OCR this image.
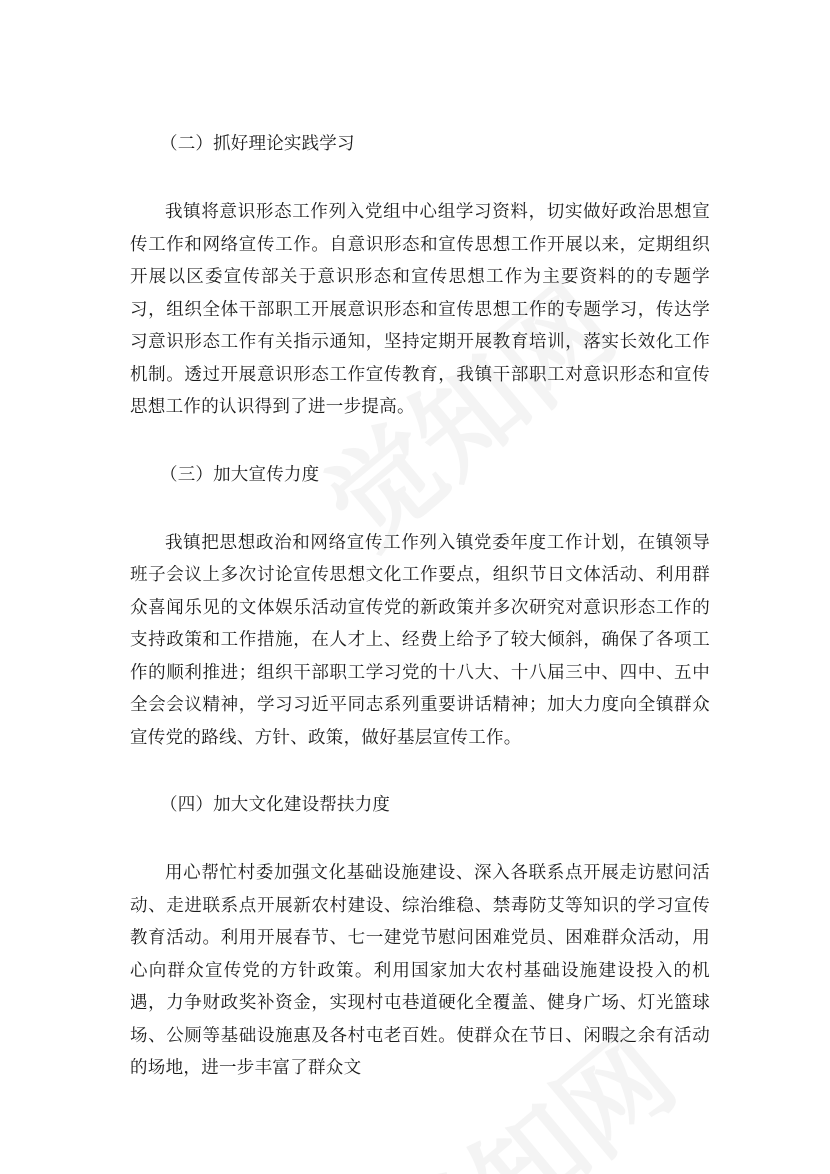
（二）抓好理论实践学习

我镇将意识形态工作列入党组中心组学习资料，切实做好政治思想宣传工作和网络宣传工作。自意识形态和宣传思想工作开展以来，定期组织开展以区委宣传部关于意识形态和宣传思想工作为主要资料的的专题学习，组织全体干部职工开展意识形态和宣传思想工作的专题学习，传达学习意识形态工作有关指示通知，坚持定期开展教育培训，落实长效化工作机制。透过开展意识形态工作宣传教育，我镇干部职工对意识形态和宣传思想工作的认识得到了进一步提高。

（三）加大宣传力度

我镇把思想政治和网络宣传工作列入镇党委年度工作计划，在镇领导班子会议上多次讨论宣传思想文化工作要点，组织节日文体活动、利用群众喜闻乐见的文体娱乐活动宣传党的新政策并多次研究对意识形态工作的支持政策和工作措施，在人才上、经费上给予了较大倾斜，确保了各项工作的顺利推进；组织干部职工学习党的十八大、十八届三中、四中、五中全会会议精神，学习习近平同志系列重要讲话精神；加大力度向全镇群众宣传党的路线、方针、政策，做好基层宣传工作。

（四）加大文化建设帮扶力度

用心帮忙村委加强文化基础设施建设、深入各联系点开展走访慰问活动、走进联系点开展新农村建设、综治维稳、禁毒防艾等知识的学习宣传教育活动。利用开展春节、七一建党节慰问困难党员、困难群众活动，用心向群众宣传党的方针政策。利用国家加大农村基础设施建设投入的机遇，力争财政奖补资金，实现村屯巷道硬化全覆盖、健身广场、灯光篮球场、公厕等基础设施惠及各村屯老百姓。使群众在节日、闲暇之余有活动的场地，进一步丰富了群众文
